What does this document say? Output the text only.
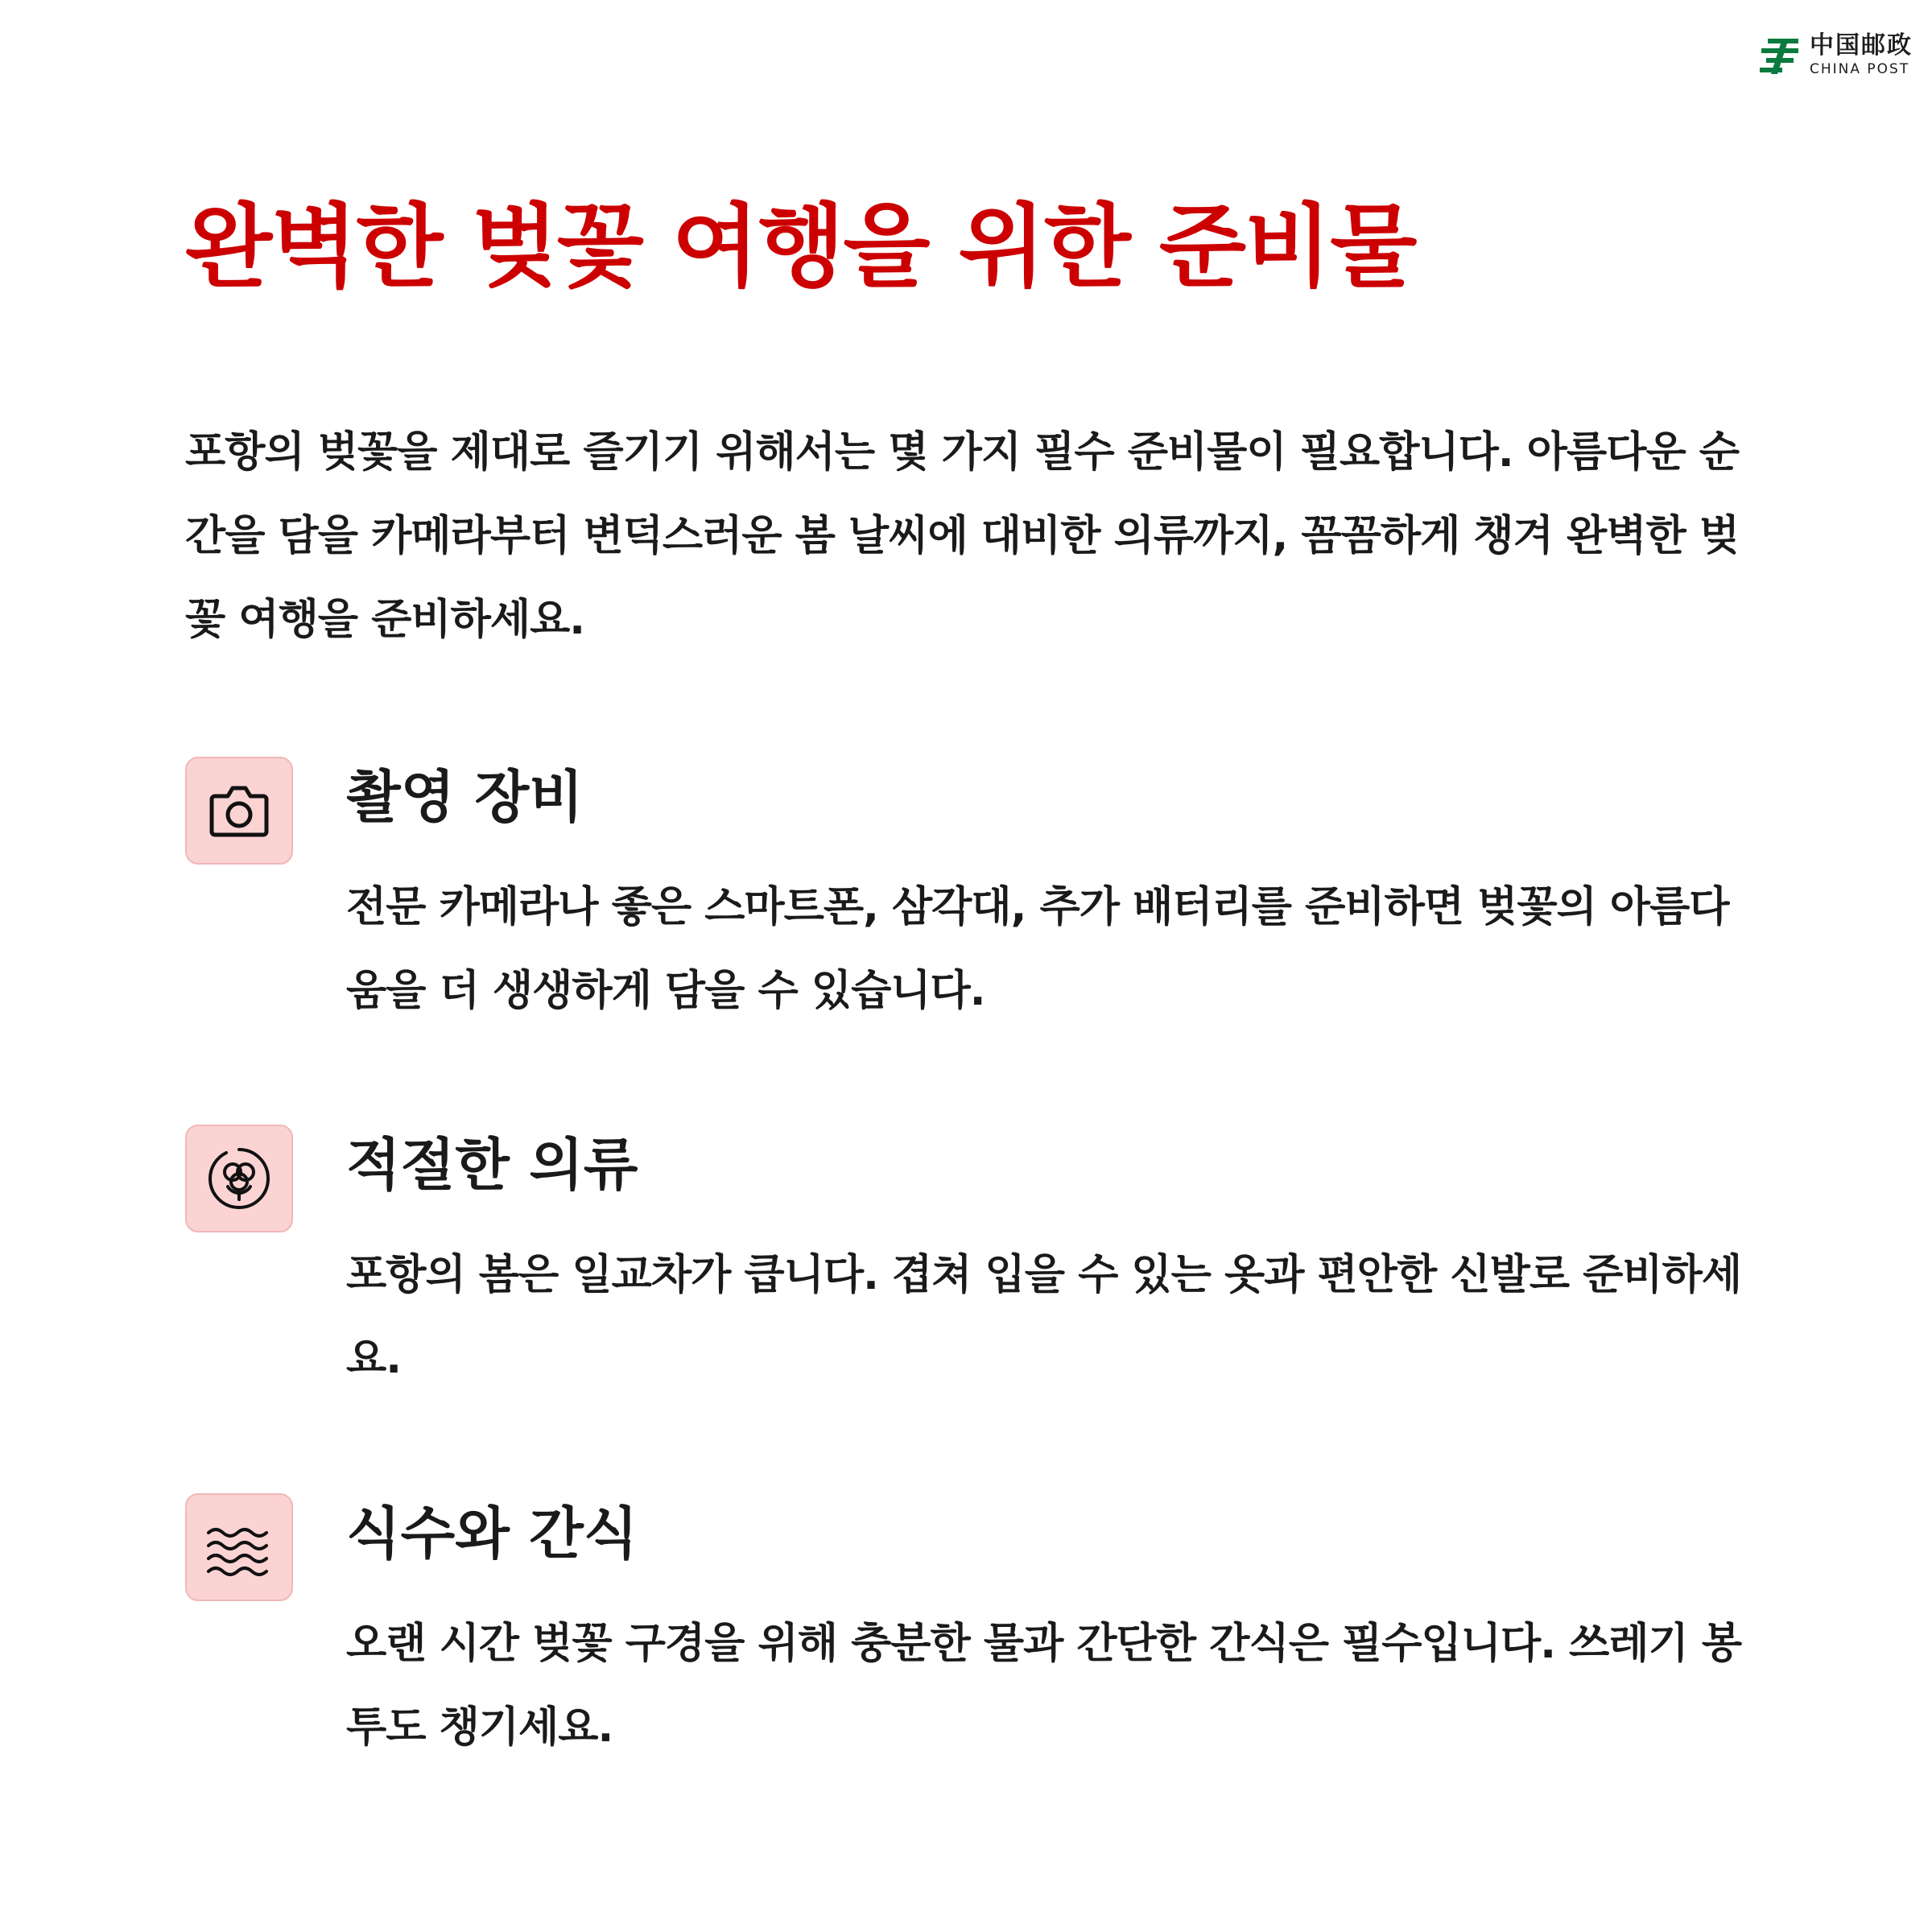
中国邮政
CHINA POST
완벽한 벚꽃 여행을 위한 준비물

포항의 벚꽃을 제대로 즐기기 위해서는 몇 가지 필수 준비물이 필요합니다. 아름다운 순간을 담을 카메라부터 변덕스러운 봄 날씨에 대비한 의류까지, 꼼꼼하게 챙겨 완벽한 벚꽃 여행을 준비하세요.

촬영 장비

전문 카메라나 좋은 스마트폰, 삼각대, 추가 배터리를 준비하면 벚꽃의 아름다움을 더 생생하게 담을 수 있습니다.

적절한 의류

포항의 봄은 일교차가 큽니다. 겹쳐 입을 수 있는 옷과 편안한 신발로 준비하세요.

식수와 간식

오랜 시간 벚꽃 구경을 위해 충분한 물과 간단한 간식은 필수입니다. 쓰레기 봉투도 챙기세요.
